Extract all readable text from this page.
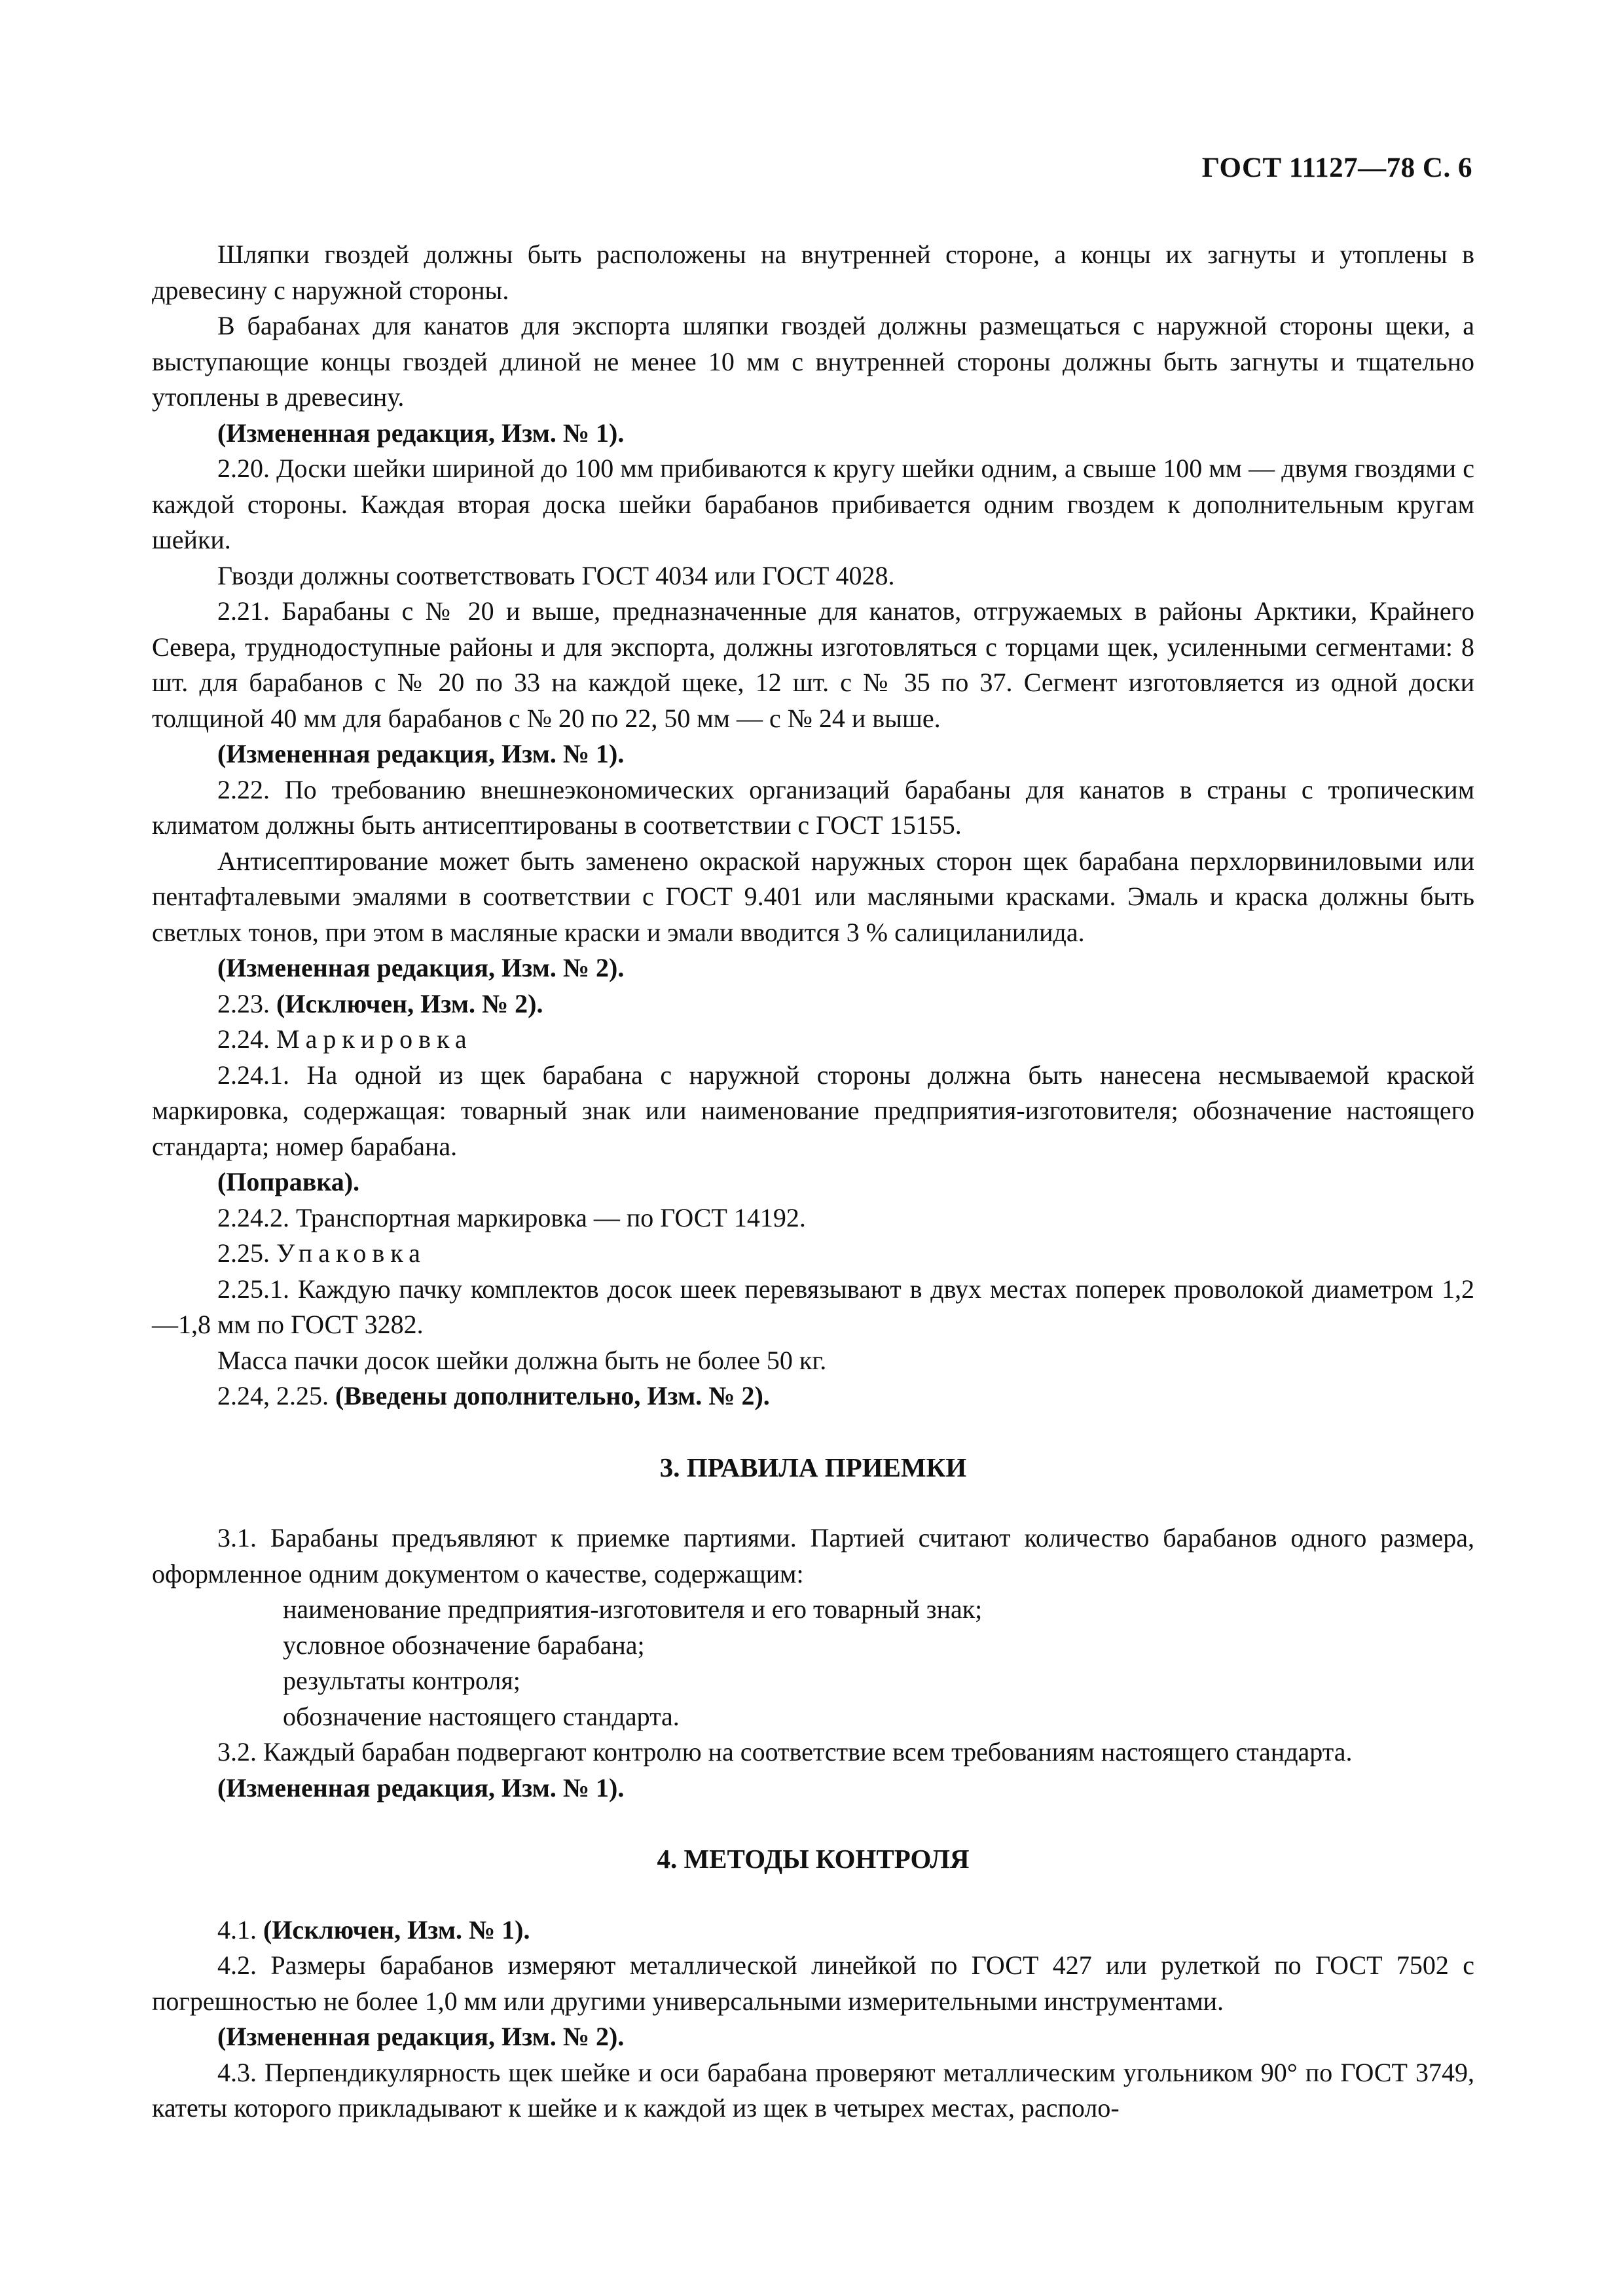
ГОСТ 11127—78 С. 6

Шляпки гвоздей должны быть расположены на внутренней стороне, а концы их загнуты и утоплены в древесину с наружной стороны.

В барабанах для канатов для экспорта шляпки гвоздей должны размещаться с наружной стороны щеки, а выступающие концы гвоздей длиной не менее 10 мм с внутренней стороны должны быть загнуты и тщательно утоплены в древесину.

(Измененная редакция, Изм. № 1).

2.20. Доски шейки шириной до 100 мм прибиваются к кругу шейки одним, а свыше 100 мм — двумя гвоздями с каждой стороны. Каждая вторая доска шейки барабанов прибивается одним гвоздем к дополнительным кругам шейки.

Гвозди должны соответствовать ГОСТ 4034 или ГОСТ 4028.

2.21. Барабаны с № 20 и выше, предназначенные для канатов, отгружаемых в районы Арктики, Крайнего Севера, труднодоступные районы и для экспорта, должны изготовляться с торцами щек, усиленными сегментами: 8 шт. для барабанов с № 20 по 33 на каждой щеке, 12 шт. с № 35 по 37. Сегмент изготовляется из одной доски толщиной 40 мм для барабанов с № 20 по 22, 50 мм — с № 24 и выше.

(Измененная редакция, Изм. № 1).

2.22. По требованию внешнеэкономических организаций барабаны для канатов в страны с тропическим климатом должны быть антисептированы в соответствии с ГОСТ 15155.

Антисептирование может быть заменено окраской наружных сторон щек барабана перхлорвиниловыми или пентафталевыми эмалями в соответствии с ГОСТ 9.401 или масляными красками. Эмаль и краска должны быть светлых тонов, при этом в масляные краски и эмали вводится 3 % салициланилида.

(Измененная редакция, Изм. № 2).

2.23. (Исключен, Изм. № 2).

2.24. Маркировка

2.24.1. На одной из щек барабана с наружной стороны должна быть нанесена несмываемой краской маркировка, содержащая: товарный знак или наименование предприятия-изготовителя; обозначение настоящего стандарта; номер барабана.

(Поправка).

2.24.2. Транспортная маркировка — по ГОСТ 14192.

2.25. Упаковка

2.25.1. Каждую пачку комплектов досок шеек перевязывают в двух местах поперек проволокой диаметром 1,2—1,8 мм по ГОСТ 3282.

Масса пачки досок шейки должна быть не более 50 кг.

2.24, 2.25. (Введены дополнительно, Изм. № 2).

3. ПРАВИЛА ПРИЕМКИ

3.1. Барабаны предъявляют к приемке партиями. Партией считают количество барабанов одного размера, оформленное одним документом о качестве, содержащим:

наименование предприятия-изготовителя и его товарный знак;

условное обозначение барабана;

результаты контроля;

обозначение настоящего стандарта.

3.2. Каждый барабан подвергают контролю на соответствие всем требованиям настоящего стандарта.

(Измененная редакция, Изм. № 1).

4. МЕТОДЫ КОНТРОЛЯ

4.1. (Исключен, Изм. № 1).

4.2. Размеры барабанов измеряют металлической линейкой по ГОСТ 427 или рулеткой по ГОСТ 7502 с погрешностью не более 1,0 мм или другими универсальными измерительными инструментами.

(Измененная редакция, Изм. № 2).

4.3. Перпендикулярность щек шейке и оси барабана проверяют металлическим угольником 90° по ГОСТ 3749, катеты которого прикладывают к шейке и к каждой из щек в четырех местах, располо-
